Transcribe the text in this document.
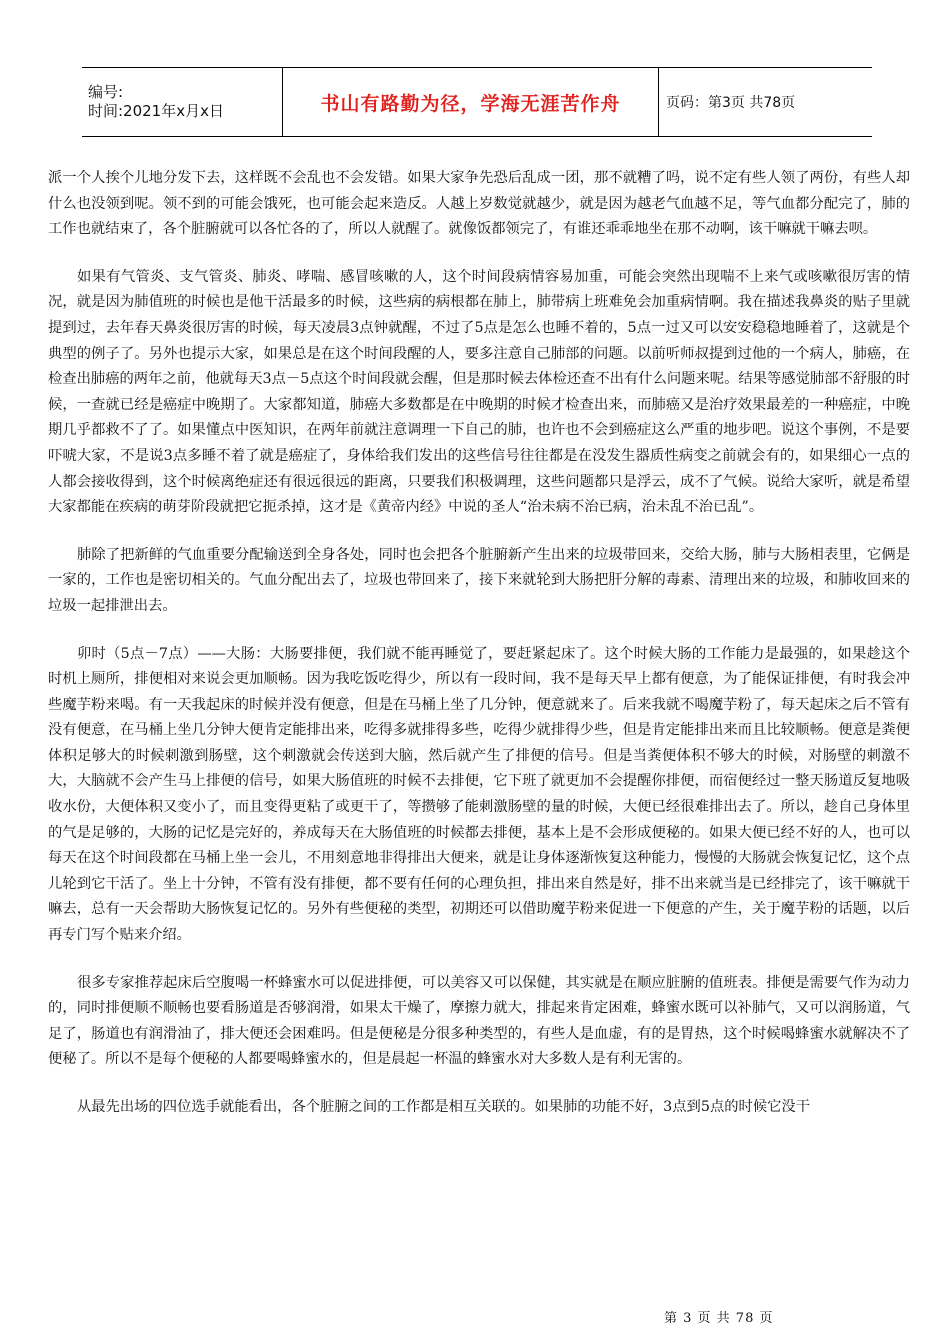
编号:
时间:2021年x月x日	书山有路勤为径，学海无涯苦作舟	页码：第3页 共78页

派一个人挨个儿地分发下去，这样既不会乱也不会发错。如果大家争先恐后乱成一团，那不就糟了吗，说不定有些人领了两份，有些人却什么也没领到呢。领不到的可能会饿死，也可能会起来造反。人越上岁数觉就越少，就是因为越老气血越不足，等气血都分配完了，肺的工作也就结束了，各个脏腑就可以各忙各的了，所以人就醒了。就像饭都领完了，有谁还乖乖地坐在那不动啊，该干嘛就干嘛去呗。

如果有气管炎、支气管炎、肺炎、哮喘、感冒咳嗽的人，这个时间段病情容易加重，可能会突然出现喘不上来气或咳嗽很厉害的情况，就是因为肺值班的时候也是他干活最多的时候，这些病的病根都在肺上，肺带病上班难免会加重病情啊。我在描述我鼻炎的贴子里就提到过，去年春天鼻炎很厉害的时候，每天凌晨3点钟就醒，不过了5点是怎么也睡不着的，5点一过又可以安安稳稳地睡着了，这就是个典型的例子了。另外也提示大家，如果总是在这个时间段醒的人，要多注意自己肺部的问题。以前听师叔提到过他的一个病人，肺癌，在检查出肺癌的两年之前，他就每天3点－5点这个时间段就会醒，但是那时候去体检还查不出有什么问题来呢。结果等感觉肺部不舒服的时候，一查就已经是癌症中晚期了。大家都知道，肺癌大多数都是在中晚期的时候才检查出来，而肺癌又是治疗效果最差的一种癌症，中晚期几乎都救不了了。如果懂点中医知识，在两年前就注意调理一下自己的肺，也许也不会到癌症这么严重的地步吧。说这个事例，不是要吓唬大家，不是说3点多睡不着了就是癌症了，身体给我们发出的这些信号往往都是在没发生器质性病变之前就会有的，如果细心一点的人都会接收得到，这个时候离绝症还有很远很远的距离，只要我们积极调理，这些问题都只是浮云，成不了气候。说给大家听，就是希望大家都能在疾病的萌芽阶段就把它扼杀掉，这才是《黄帝内经》中说的圣人“治未病不治已病，治未乱不治已乱”。

肺除了把新鲜的气血重要分配输送到全身各处，同时也会把各个脏腑新产生出来的垃圾带回来，交给大肠，肺与大肠相表里，它俩是一家的，工作也是密切相关的。气血分配出去了，垃圾也带回来了，接下来就轮到大肠把肝分解的毒素、清理出来的垃圾，和肺收回来的垃圾一起排泄出去。

卯时（5点－7点）——大肠：大肠要排便，我们就不能再睡觉了，要赶紧起床了。这个时候大肠的工作能力是最强的，如果趁这个时机上厕所，排便相对来说会更加顺畅。因为我吃饭吃得少，所以有一段时间，我不是每天早上都有便意，为了能保证排便，有时我会冲些魔芋粉来喝。有一天我起床的时候并没有便意，但是在马桶上坐了几分钟，便意就来了。后来我就不喝魔芋粉了，每天起床之后不管有没有便意，在马桶上坐几分钟大便肯定能排出来，吃得多就排得多些，吃得少就排得少些，但是肯定能排出来而且比较顺畅。便意是粪便体积足够大的时候刺激到肠壁，这个刺激就会传送到大脑，然后就产生了排便的信号。但是当粪便体积不够大的时候，对肠壁的刺激不大，大脑就不会产生马上排便的信号，如果大肠值班的时候不去排便，它下班了就更加不会提醒你排便，而宿便经过一整天肠道反复地吸收水份，大便体积又变小了，而且变得更粘了或更干了，等攒够了能刺激肠壁的量的时候，大便已经很难排出去了。所以，趁自己身体里的气是足够的，大肠的记忆是完好的，养成每天在大肠值班的时候都去排便，基本上是不会形成便秘的。如果大便已经不好的人，也可以每天在这个时间段都在马桶上坐一会儿，不用刻意地非得排出大便来，就是让身体逐渐恢复这种能力，慢慢的大肠就会恢复记忆，这个点儿轮到它干活了。坐上十分钟，不管有没有排便，都不要有任何的心理负担，排出来自然是好，排不出来就当是已经排完了，该干嘛就干嘛去，总有一天会帮助大肠恢复记忆的。另外有些便秘的类型，初期还可以借助魔芋粉来促进一下便意的产生，关于魔芋粉的话题，以后再专门写个贴来介绍。

很多专家推荐起床后空腹喝一杯蜂蜜水可以促进排便，可以美容又可以保健，其实就是在顺应脏腑的值班表。排便是需要气作为动力的，同时排便顺不顺畅也要看肠道是否够润滑，如果太干燥了，摩擦力就大，排起来肯定困难，蜂蜜水既可以补肺气，又可以润肠道，气足了，肠道也有润滑油了，排大便还会困难吗。但是便秘是分很多种类型的，有些人是血虚，有的是胃热，这个时候喝蜂蜜水就解决不了便秘了。所以不是每个便秘的人都要喝蜂蜜水的，但是晨起一杯温的蜂蜜水对大多数人是有利无害的。

从最先出场的四位选手就能看出，各个脏腑之间的工作都是相互关联的。如果肺的功能不好，3点到5点的时候它没干

第 3 页 共 78 页
